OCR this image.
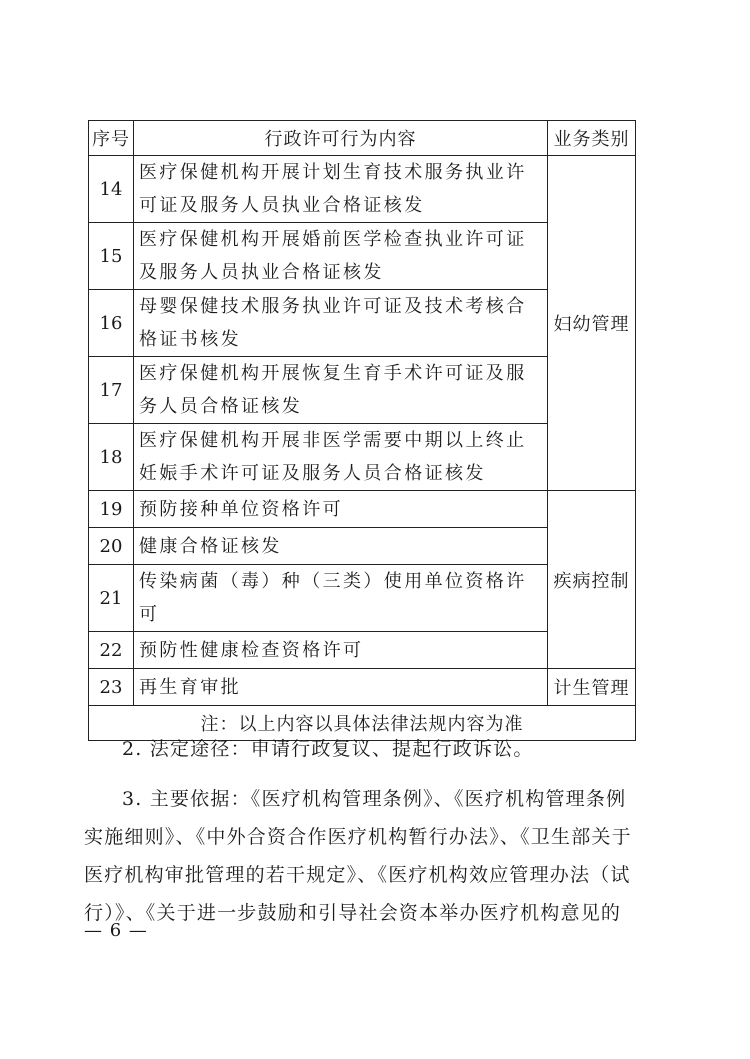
序号	行政许可行为内容	业务类别
14	医疗保健机构开展计划生育技术服务执业许可证及服务人员执业合格证核发	妇幼管理
15	医疗保健机构开展婚前医学检查执业许可证及服务人员执业合格证核发	
16	母婴保健技术服务执业许可证及技术考核合格证书核发	
17	医疗保健机构开展恢复生育手术许可证及服务人员合格证核发	
18	医疗保健机构开展非医学需要中期以上终止妊娠手术许可证及服务人员合格证核发	
19	预防接种单位资格许可	疾病控制
20	健康合格证核发	
21	传染病菌（毒）种（三类）使用单位资格许可	
22	预防性健康检查资格许可	
23	再生育审批	计生管理
注：以上内容以具体法律法规内容为准		
2. 法定途径：申请行政复议、提起行政诉讼。
3. 主要依据：《医疗机构管理条例》、《医疗机构管理条例实施细则》、《中外合资合作医疗机构暂行办法》、《卫生部关于医疗机构审批管理的若干规定》、《医疗机构效应管理办法（试行）》、《关于进一步鼓励和引导社会资本举办医疗机构意见的
— 6 —
